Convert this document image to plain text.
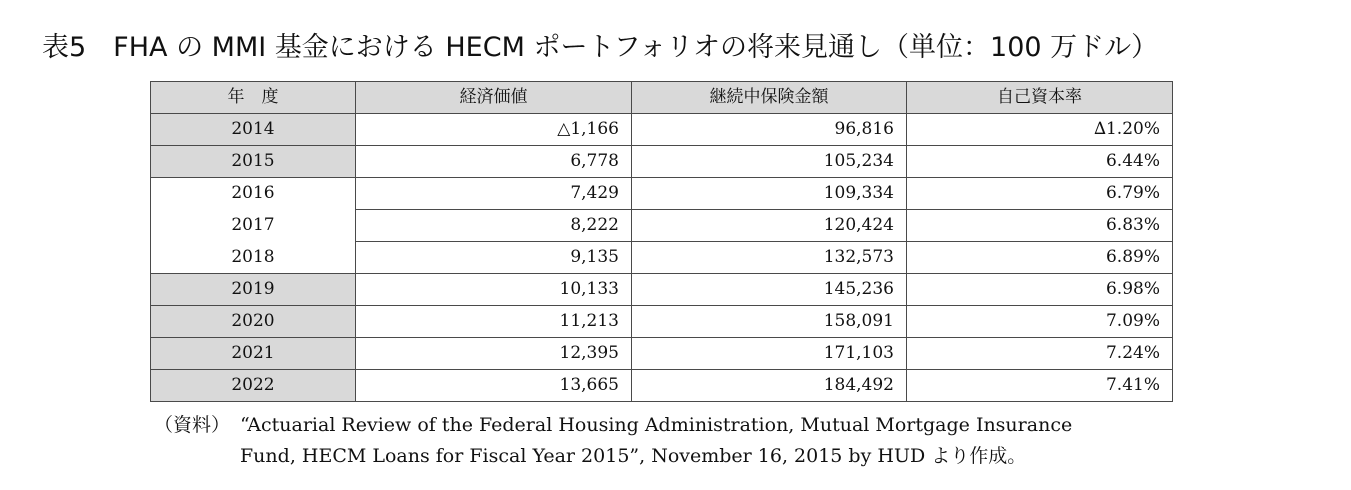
表5　FHA の MMI 基金における HECM ポートフォリオの将来見通し（単位：100 万ドル）
年　度	経済価値	継続中保険金額	自己資本率
2014	△1,166	96,816	∆1.20%
2015	6,778	105,234	6.44%
2016	7,429	109,334	6.79%
2017	8,222	120,424	6.83%
2018	9,135	132,573	6.89%
2019	10,133	145,236	6.98%
2020	11,213	158,091	7.09%
2021	12,395	171,103	7.24%
2022	13,665	184,492	7.41%
（資料） “Actuarial Review of the Federal Housing Administration, Mutual Mortgage Insurance
Fund, HECM Loans for Fiscal Year 2015”, November 16, 2015 by HUD より作成。
